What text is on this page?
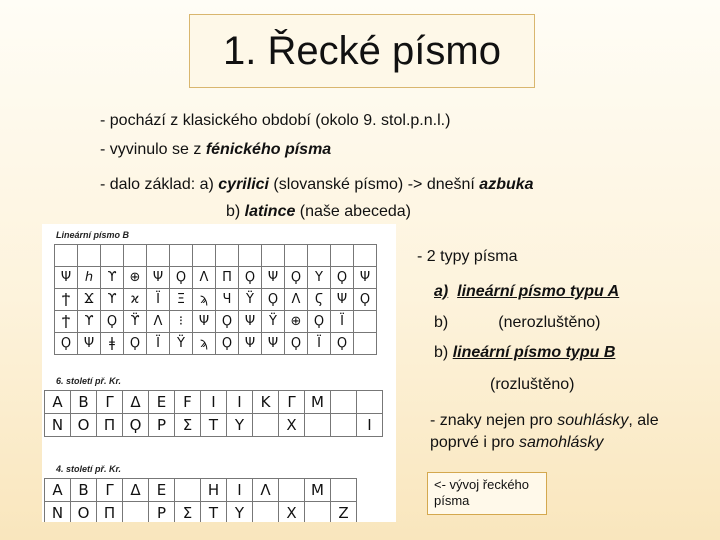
1. Řecké písmo
- pochází z klasického období (okolo 9. stol.p.n.l.)
- vyvinulo se z fénického písma
- dalo základ: a) cyrilici (slovanské písmo) -> dnešní azbuka
b) latince (naše abeceda)
- 2 typy písma
a) lineární písmo typu A
b)	(nerozluštěno)
b) lineární písmo typu B
(rozluštěno)
- znaky nejen pro souhlásky, ale
poprvé i pro samohlásky
<- vývoj řeckého písma
Lineární písmo B

Ψ	ℎ	ϒ	⊕	Ψ	Ϙ	Λ	Π	Ϙ	Ψ	Ϙ	Υ	Ϙ	Ψ
Ϯ	Ϫ	ϒ	ϰ	Ϊ	Ξ	ϡ	Ɥ	Ϋ	Ϙ	Λ	Ϛ	Ψ	Ϙ
Ϯ	ϒ	Ϙ	ϔ	Λ	⁝	Ψ	Ϙ	Ψ	Ϋ	⊕	Ϙ	Ϊ	
Ϙ	Ψ	ǂ	Ϙ	Ϊ	Ϋ	ϡ	Ϙ	Ψ	Ψ	Ϙ	Ϊ	Ϙ	
6. století př. Kr.
Α	Β	Γ	Δ	Ε	Ϝ	Ι	Ι	Κ	Γ	Μ		
Ν	Ο	Π	Ϙ	Ρ	Σ	Τ	Υ		Χ			Ι
4. století př. Kr.
Α	Β	Γ	Δ	Ε		Η	Ι	Λ		Μ	
Ν	Ο	Π		Ρ	Σ	Τ	Υ		Χ		Ζ
